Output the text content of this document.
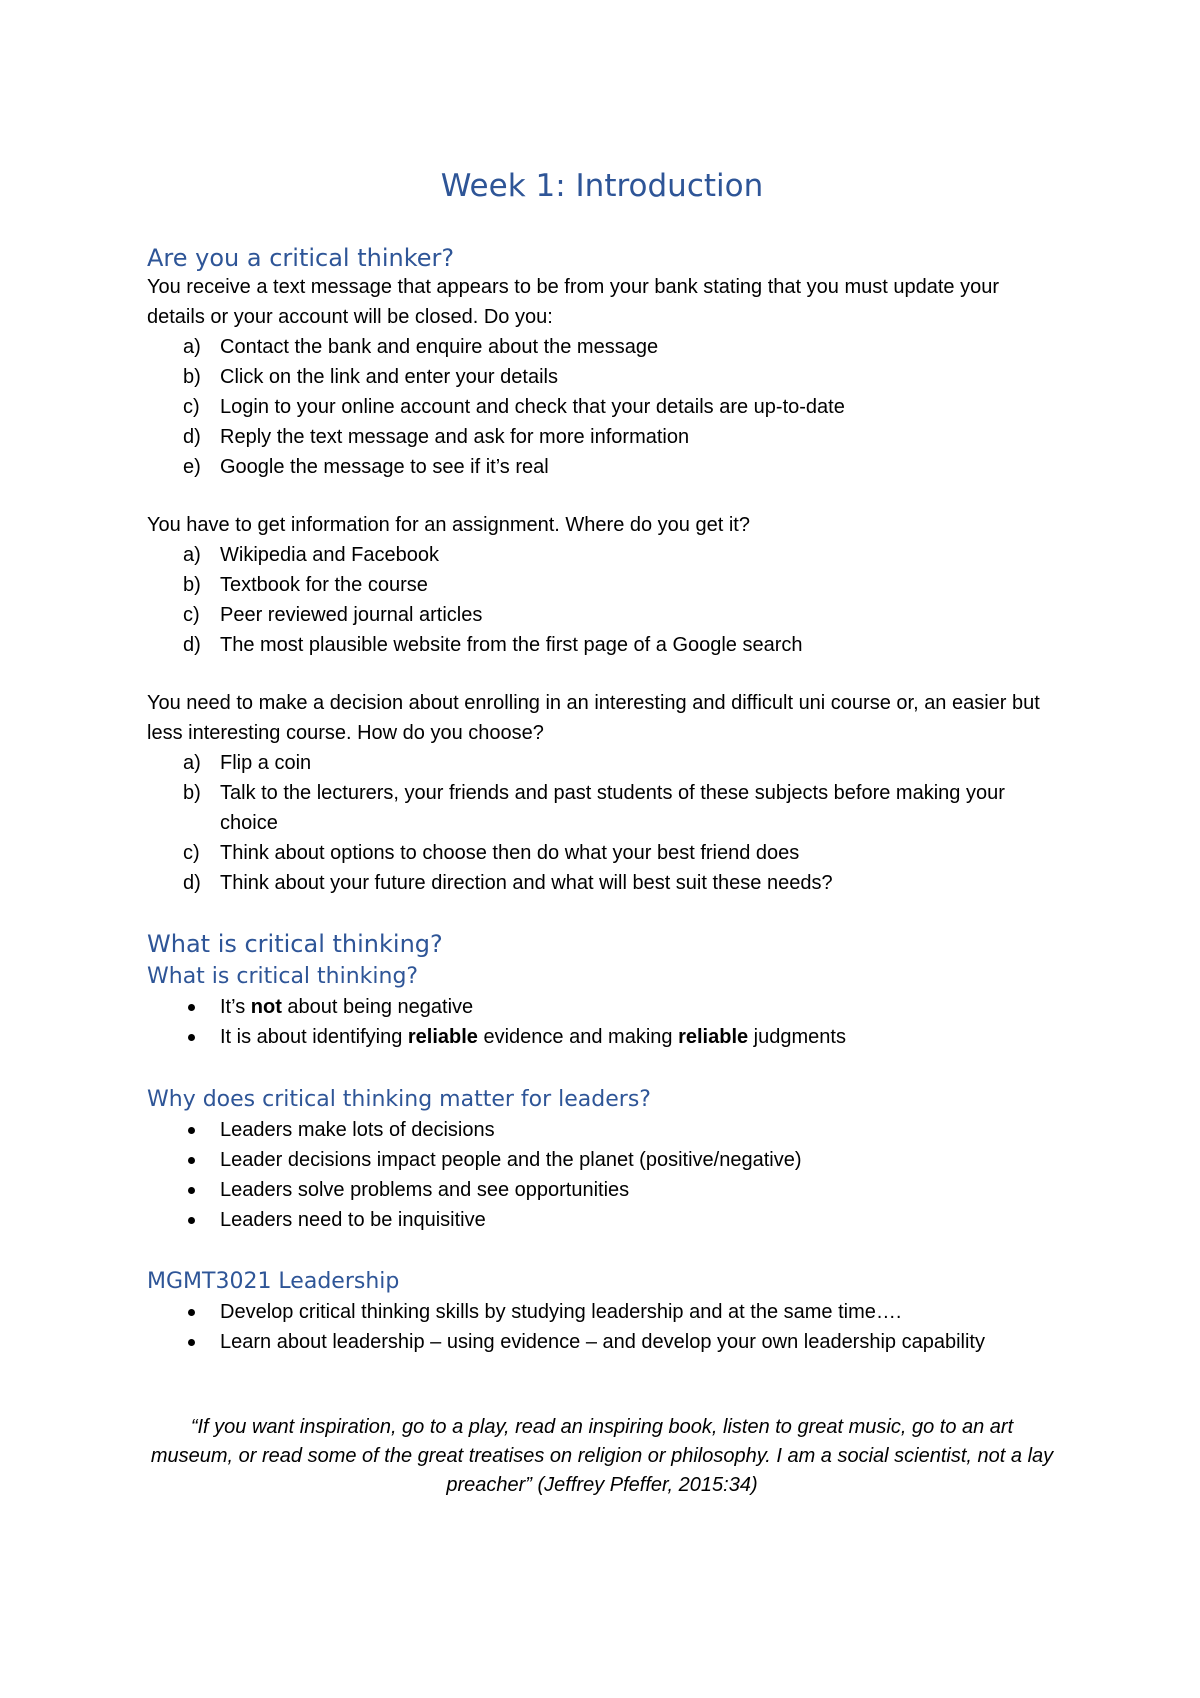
Week 1: Introduction
Are you a critical thinker?

You receive a text message that appears to be from your bank stating that you must update your details or your account will be closed. Do you:

a) Contact the bank and enquire about the message
b) Click on the link and enter your details
c) Login to your online account and check that your details are up-to-date
d) Reply the text message and ask for more information
e) Google the message to see if it’s real

You have to get information for an assignment. Where do you get it?

a) Wikipedia and Facebook
b) Textbook for the course
c) Peer reviewed journal articles
d) The most plausible website from the first page of a Google search

You need to make a decision about enrolling in an interesting and difficult uni course or, an easier but less interesting course. How do you choose?

a) Flip a coin
b) Talk to the lecturers, your friends and past students of these subjects before making your choice
c) Think about options to choose then do what your best friend does
d) Think about your future direction and what will best suit these needs?
What is critical thinking?
What is critical thinking?
It’s not about being negative
It is about identifying reliable evidence and making reliable judgments
Why does critical thinking matter for leaders?
Leaders make lots of decisions
Leader decisions impact people and the planet (positive/negative)
Leaders solve problems and see opportunities
Leaders need to be inquisitive
MGMT3021 Leadership
Develop critical thinking skills by studying leadership and at the same time….
Learn about leadership – using evidence – and develop your own leadership capability

“If you want inspiration, go to a play, read an inspiring book, listen to great music, go to an art museum, or read some of the great treatises on religion or philosophy. I am a social scientist, not a lay preacher” (Jeffrey Pfeffer, 2015:34)
